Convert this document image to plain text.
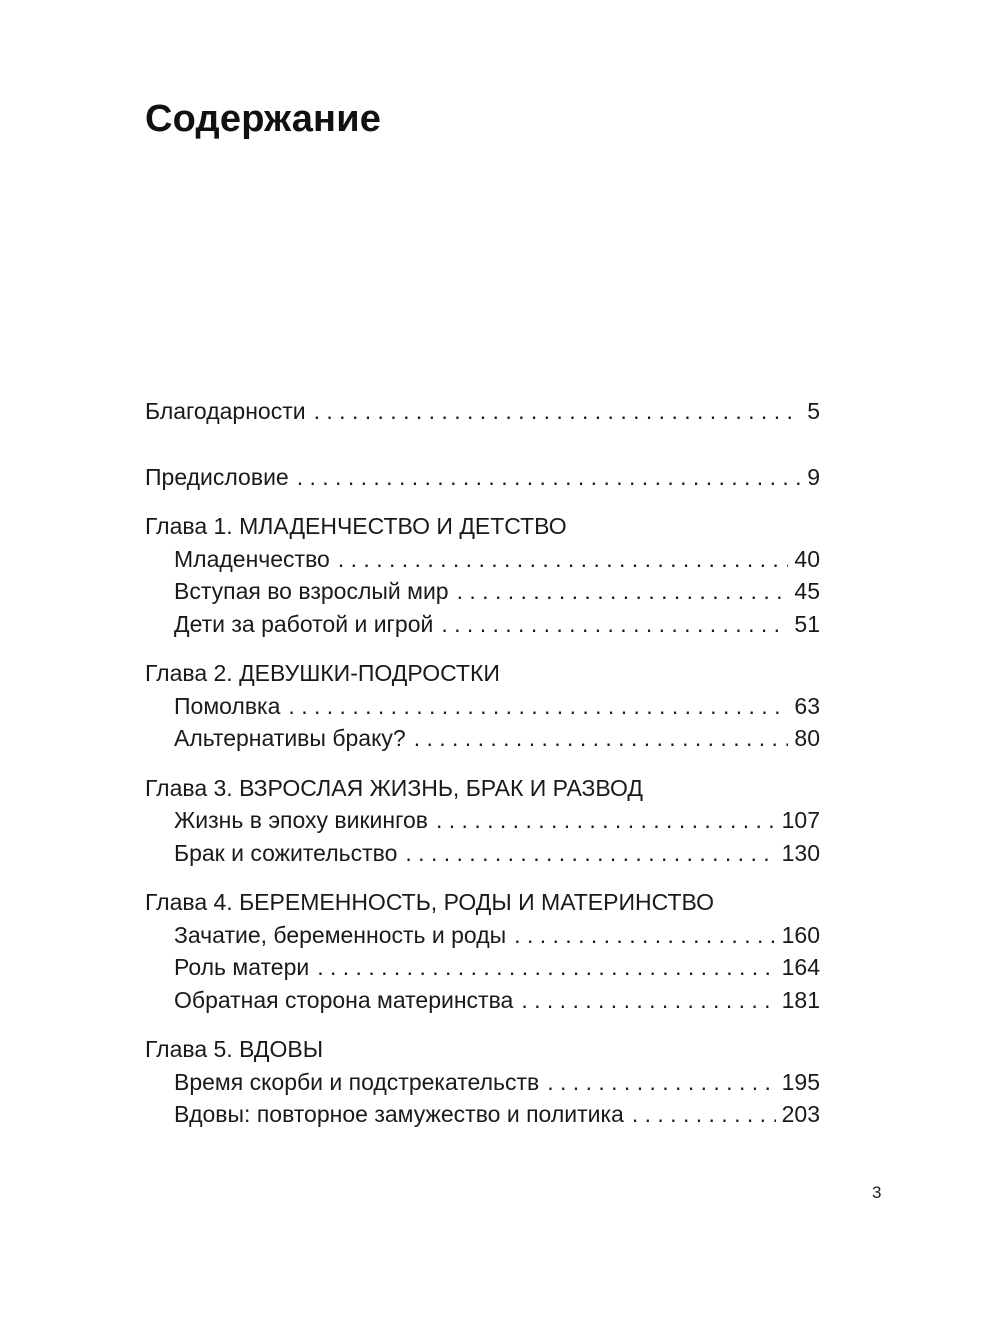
Содержание
Благодарности . . .	5
Предисловие . . .	9
Глава 1. МЛАДЕНЧЕСТВО И ДЕТСТВО
Младенчество . . .	40
Вступая во взрослый мир . . .	45
Дети за работой и игрой . . .	51
Глава 2. ДЕВУШКИ-ПОДРОСТКИ
Помолвка . . .	63
Альтернативы браку? . . .	80
Глава 3. ВЗРОСЛАЯ ЖИЗНЬ, БРАК И РАЗВОД
Жизнь в эпоху викингов . . .	107
Брак и сожительство . . .	130
Глава 4. БЕРЕМЕННОСТЬ, РОДЫ И МАТЕРИНСТВО
Зачатие, беременность и роды . . .	160
Роль матери . . .	164
Обратная сторона материнства . . .	181
Глава 5. ВДОВЫ
Время скорби и подстрекательств . . .	195
Вдовы: повторное замужество и политика . . .	203
3
